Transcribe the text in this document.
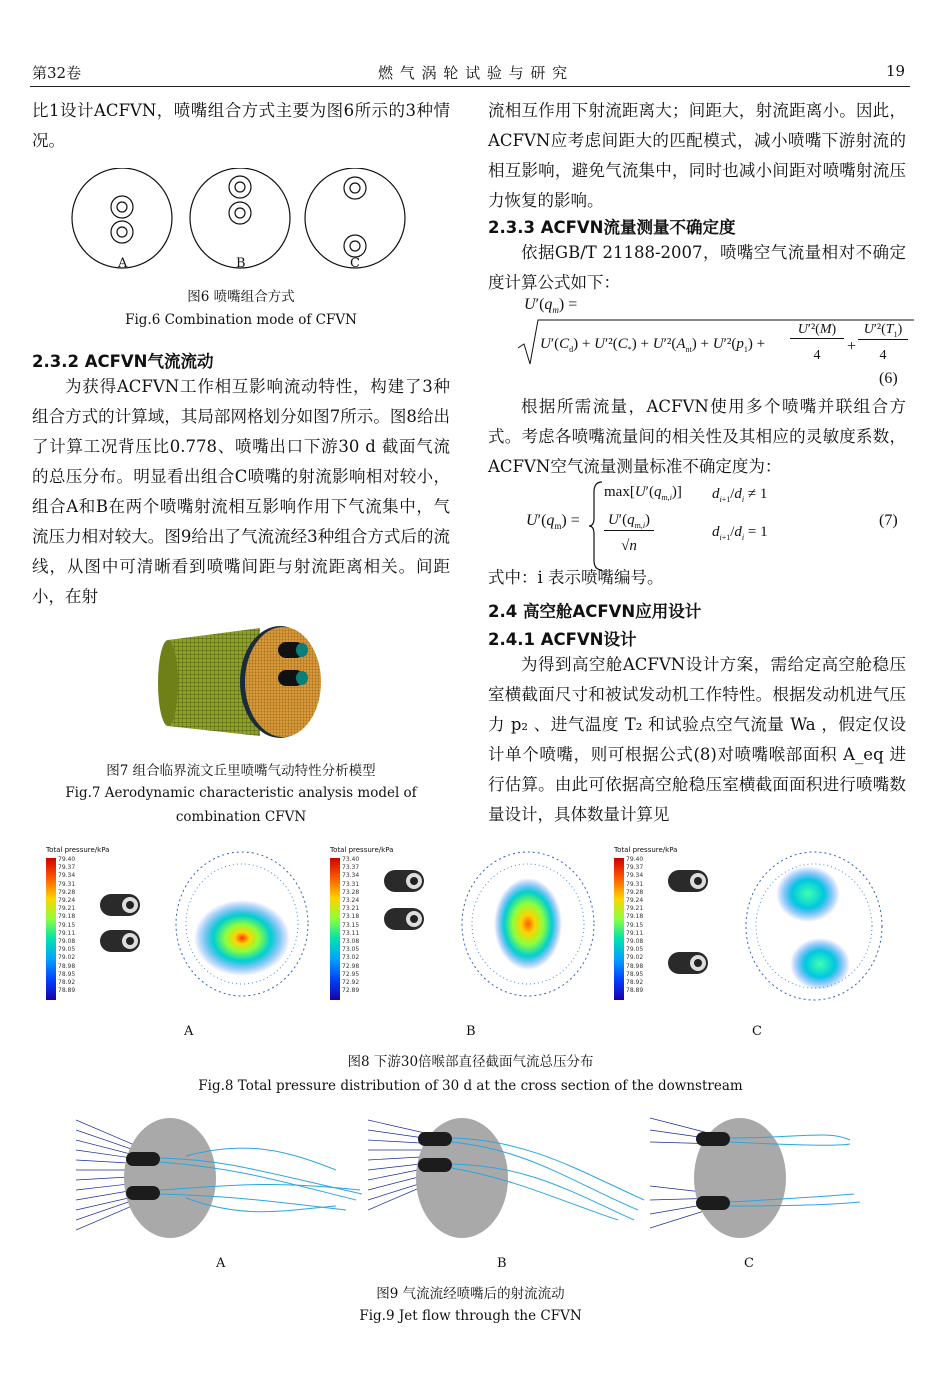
第32卷	燃 气 涡 轮 试 验 与 研 究	19
比1设计ACFVN，喷嘴组合方式主要为图6所示的3种情况。
A	B	C
图6 喷嘴组合方式
Fig.6 Combination mode of CFVN
2.3.2 ACFVN气流流动
为获得ACFVN工作相互影响流动特性，构建了3种组合方式的计算域，其局部网格划分如图7所示。图8给出了计算工况背压比0.778、喷嘴出口下游30 d 截面气流的总压分布。明显看出组合C喷嘴的射流影响相对较小，组合A和B在两个喷嘴射流相互影响作用下气流集中，气流压力相对较大。图9给出了气流流经3种组合方式后的流线，从图中可清晰看到喷嘴间距与射流距离相关。间距小，在射
图7 组合临界流文丘里喷嘴气动特性分析模型
Fig.7 Aerodynamic characteristic analysis model of
combination CFVN
流相互作用下射流距离大；间距大，射流距离小。因此，ACFVN应考虑间距大的匹配模式，减小喷嘴下游射流的相互影响，避免气流集中，同时也减小间距对喷嘴射流压力恢复的影响。
2.3.3 ACFVN流量测量不确定度
依据GB/T 21188-2007，喷嘴空气流量相对不确定度计算公式如下：
$U'(q_m)$ =
$U'(C_d) + U'^2(C_*) + U'^2(A_{nt}) + U'^2(p_1)$ +
U′²(M)
4
+
$U'^2(T_1)$
4
(6)
根据所需流量，ACFVN使用多个喷嘴并联组合方式。考虑各喷嘴流量间的相关性及其相应的灵敏度系数，ACFVN空气流量测量标准不确定度为：
$U'(q_m)$ =
$\max[U'(q_{m,i})] d_{i+1}/d_i \ne 1$
$U'(q_{m,i})$
√n
$d_{i+1}/d_i = 1$
(7)
式中：i 表示喷嘴编号。
2.4 高空舱ACFVN应用设计
2.4.1 ACFVN设计
为得到高空舱ACFVN设计方案，需给定高空舱稳压室横截面尺寸和被试发动机工作特性。根据发动机进气压力 p₂ 、进气温度 T₂ 和试验点空气流量 Wa ，假定仅设计单个喷嘴，则可根据公式(8)对喷嘴喉部面积 A_eq 进行估算。由此可依据高空舱稳压室横截面面积进行喷嘴数量设计，具体数量计算见
Total pressure/kPa
79.40
79.37
79.34
79.31
79.28
79.24
79.21
79.18
79.15
79.11
79.08
79.05
79.02
78.98
78.95
78.92
78.89
A
Total pressure/kPa
73.40
73.37
73.34
73.31
73.28
73.24
73.21
73.18
73.15
73.11
73.08
73.05
73.02
72.98
72.95
72.92
72.89
B
Total pressure/kPa
79.40
79.37
79.34
79.31
79.28
79.24
79.21
79.18
79.15
79.11
79.08
79.05
79.02
78.98
78.95
78.92
78.89
C
图8 下游30倍喉部直径截面气流总压分布
Fig.8 Total pressure distribution of 30 d at the cross section of the downstream
A	B	C
图9 气流流经喷嘴后的射流流动
Fig.9 Jet flow through the CFVN
